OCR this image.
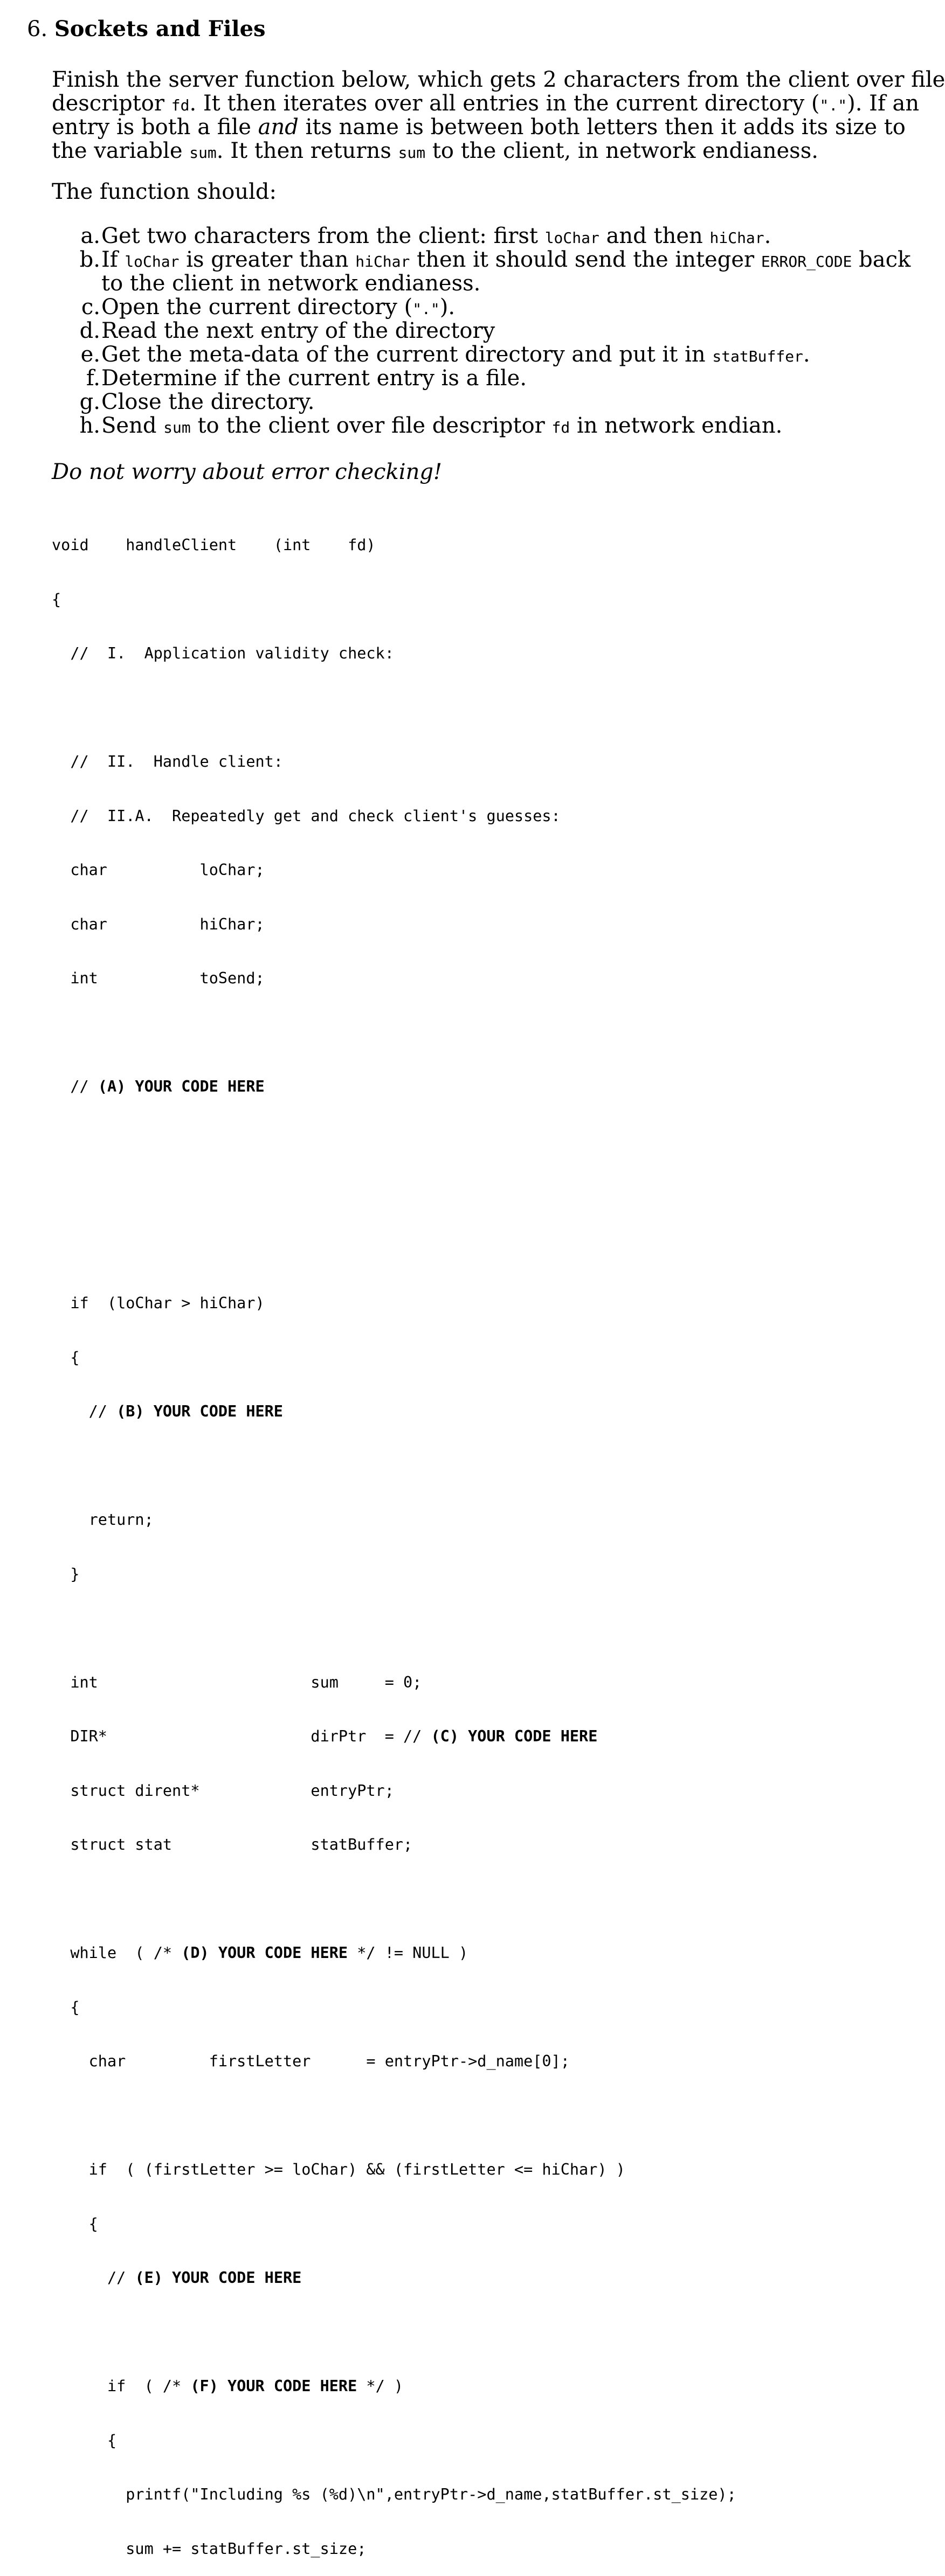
6. Sockets and Files
Finish the server function below, which gets 2 characters from the client over file
descriptor fd. It then iterates over all entries in the current directory ("."). If an
entry is both a file and its name is between both letters then it adds its size to
the variable sum. It then returns sum to the client, in network endianess.
The function should:
a.Get two characters from the client: first loChar and then hiChar.
b.If loChar is greater than hiChar then it should send the integer ERROR_CODE back
to the client in network endianess.
c.Open the current directory (".").
d.Read the next entry of the directory
e.Get the meta-data of the current directory and put it in statBuffer.
f.Determine if the current entry is a file.
g.Close the directory.
h.Send sum to the client over file descriptor fd in network endian.
Do not worry about error checking!

void    handleClient    (int    fd)

{

//  I.  Application validity check:

//  II.  Handle client:

//  II.A.  Repeatedly get and check client's guesses:

char          loChar;

char          hiChar;

int           toSend;

// (A) YOUR CODE HERE

if  (loChar > hiChar)

{

// (B) YOUR CODE HERE

return;

}

int                       sum     = 0;

DIR*                      dirPtr  = // (C) YOUR CODE HERE

struct dirent*            entryPtr;

struct stat               statBuffer;

while  ( /* (D) YOUR CODE HERE */ != NULL )

{

char         firstLetter      = entryPtr->d_name[0];

if  ( (firstLetter >= loChar) && (firstLetter <= hiChar) )

{

// (E) YOUR CODE HERE

if  ( /* (F) YOUR CODE HERE */ )

{

printf("Including %s (%d)\n",entryPtr->d_name,statBuffer.st_size);

sum += statBuffer.st_size;
